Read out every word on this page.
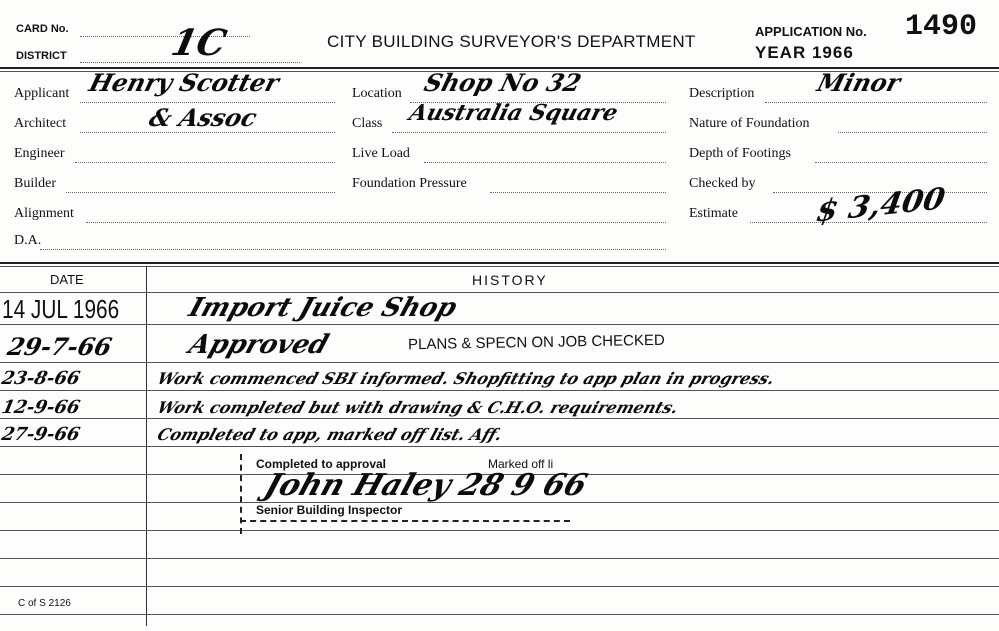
CARD No.
DISTRICT	1C	CITY BUILDING SURVEYOR'S DEPARTMENT
APPLICATION No. 1490
YEAR 1966
Applicant Henry Scotter
Architect	& Assoc
Engineer
Builder
Alignment
D.A.
Location Shop No 32
Class Australia Square
Live Load
Foundation Pressure
Description Minor
Nature of Foundation
Depth of Footings
Checked by
Estimate	$ 3,400
DATE	HISTORY
14 JUL 1966	Import Juice Shop
29-7-66	Approved	PLANS & SPECN ON JOB CHECKED
23-8-66	Work commenced SBI informed. Shopfitting to app plan in progress.
12-9-66	Work completed but with drawing & C.H.O. requirements.
27-9-66	Completed to app, marked off list. Aff.
Completed to approval	Marked off li
John Haley 28 9 66
Senior Building Inspector
C of S 2126
